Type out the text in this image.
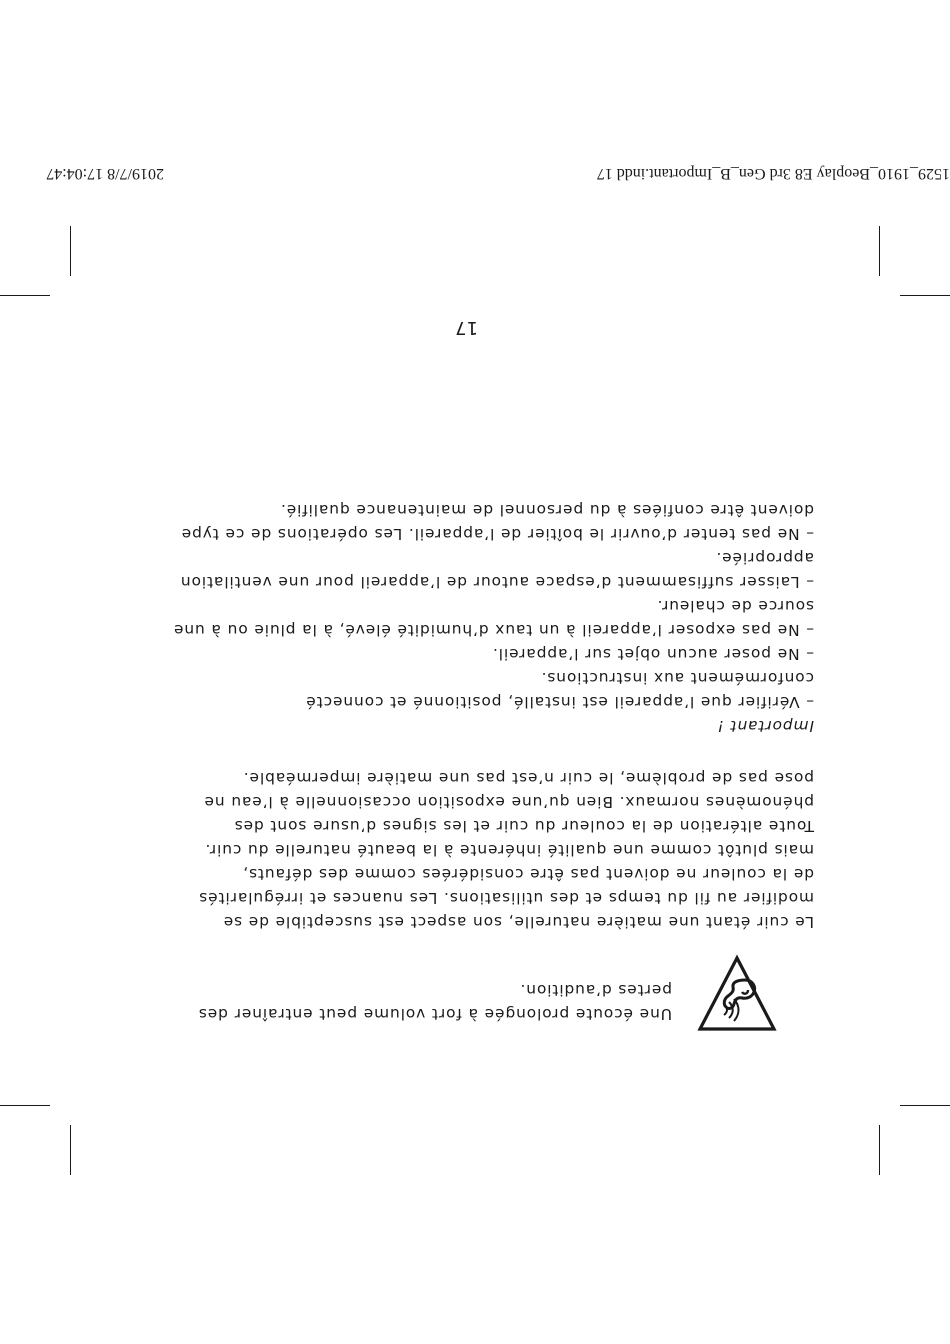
Une écoute prolongée à fort volume peut entraîner des

pertes d’audition.

Le cuir étant une matière naturelle, son aspect est susceptible de se

modifier au fil du temps et des utilisations. Les nuances et irrégularités

de la couleur ne doivent pas être considérées comme des défauts,

mais plutôt comme une qualité inhérente à la beauté naturelle du cuir.

Toute altération de la couleur du cuir et les signes d’usure sont des

phénomènes normaux. Bien qu’une exposition occasionnelle à l’eau ne

pose pas de problème, le cuir n’est pas une matière imperméable.

Important !

– Vérifier que l’appareil est installé, positionné et connecté

conformément aux instructions.

– Ne poser aucun objet sur l’appareil.

– Ne pas exposer l’appareil à un taux d’humidité élevé, à la pluie ou à une

source de chaleur.

– Laisser suffisamment d’espace autour de l’appareil pour une ventilation

appropriée.

– Ne pas tenter d’ouvrir le boîtier de l’appareil. Les opérations de ce type

doivent être confiées à du personnel de maintenance qualifié.

17
1529_1910_Beoplay E8 3rd Gen_B_Important.indd 17
2019/7/8 17:04:47
